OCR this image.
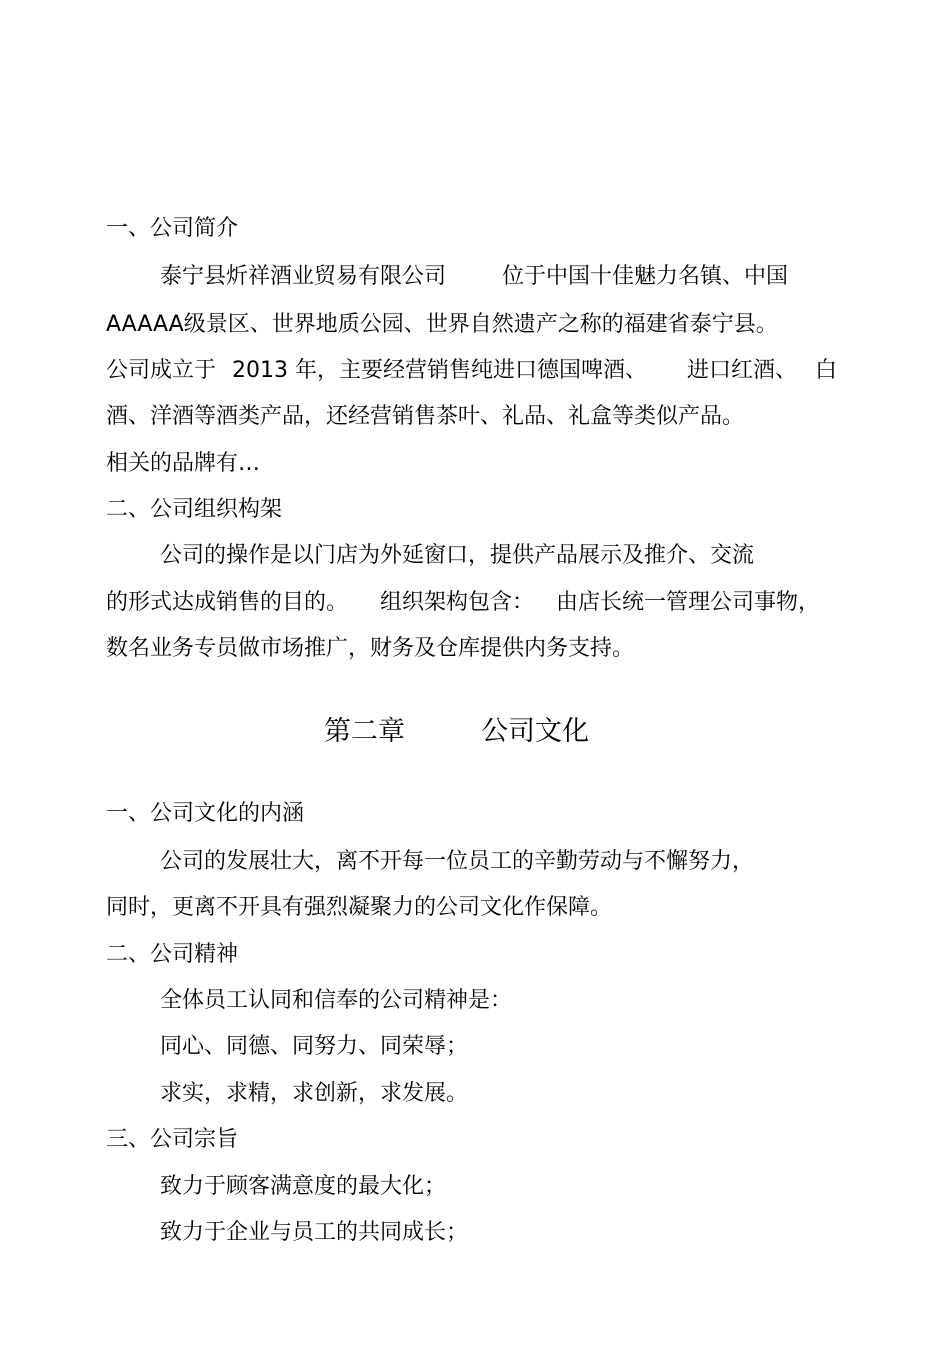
一、公司简介

泰宁县炘祥酒业贸易有限公司	位于中国十佳魅力名镇、中国

AAAAA级景区、世界地质公园、世界自然遗产之称的福建省泰宁县。

公司成立于 2013 年，主要经营销售纯进口德国啤酒、 进口红酒、 白

酒、洋酒等酒类产品，还经营销售茶叶、礼品、礼盒等类似产品。

相关的品牌有…

二、公司组织构架

公司的操作是以门店为外延窗口，提供产品展示及推介、交流

的形式达成销售的目的。 组织架构包含： 由店长统一管理公司事物，

数名业务专员做市场推广，财务及仓库提供内务支持。

第二章	公司文化

一、公司文化的内涵

公司的发展壮大，离不开每一位员工的辛勤劳动与不懈努力，

同时，更离不开具有强烈凝聚力的公司文化作保障。

二、公司精神

全体员工认同和信奉的公司精神是：

同心、同德、同努力、同荣辱；

求实，求精，求创新，求发展。

三、公司宗旨

致力于顾客满意度的最大化；

致力于企业与员工的共同成长；
